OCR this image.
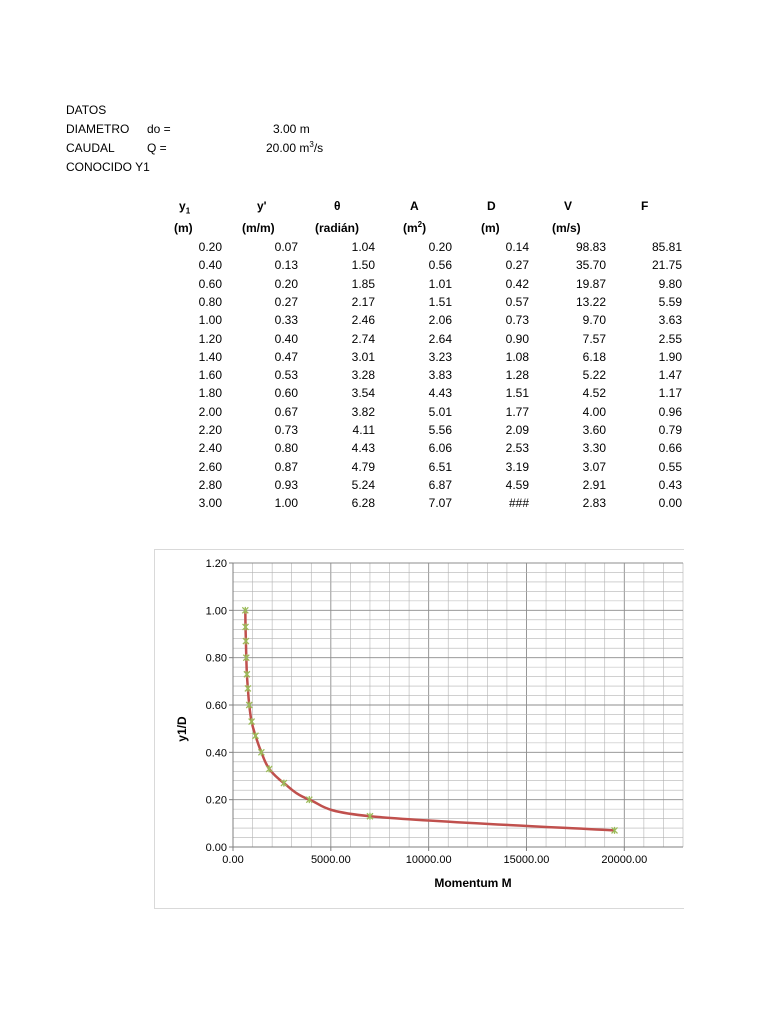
DATOS
DIAMETRO do =	3.00 m
CAUDAL	Q =	20.00 $m^3/s$
CONOCIDO Y1
$y_1$	y'	θ	A	D	V	F
(m)	(m/m)	(radián)	$(m^2)$	(m)	(m/s)
0.20	0.07	1.04	0.20	0.14	98.83	85.81
0.40	0.13	1.50	0.56	0.27	35.70	21.75
0.60	0.20	1.85	1.01	0.42	19.87	9.80
0.80	0.27	2.17	1.51	0.57	13.22	5.59
1.00	0.33	2.46	2.06	0.73	9.70	3.63
1.20	0.40	2.74	2.64	0.90	7.57	2.55
1.40	0.47	3.01	3.23	1.08	6.18	1.90
1.60	0.53	3.28	3.83	1.28	5.22	1.47
1.80	0.60	3.54	4.43	1.51	4.52	1.17
2.00	0.67	3.82	5.01	1.77	4.00	0.96
2.20	0.73	4.11	5.56	2.09	3.60	0.79
2.40	0.80	4.43	6.06	2.53	3.30	0.66
2.60	0.87	4.79	6.51	3.19	3.07	0.55
2.80	0.93	5.24	6.87	4.59	2.91	0.43
3.00	1.00	6.28	7.07	###	2.83	0.00
0.00
0.20
0.40
0.60
0.80
1.00
1.20
0.00	5000.00	10000.00	15000.00	20000.00
Momentum M
y1/D
